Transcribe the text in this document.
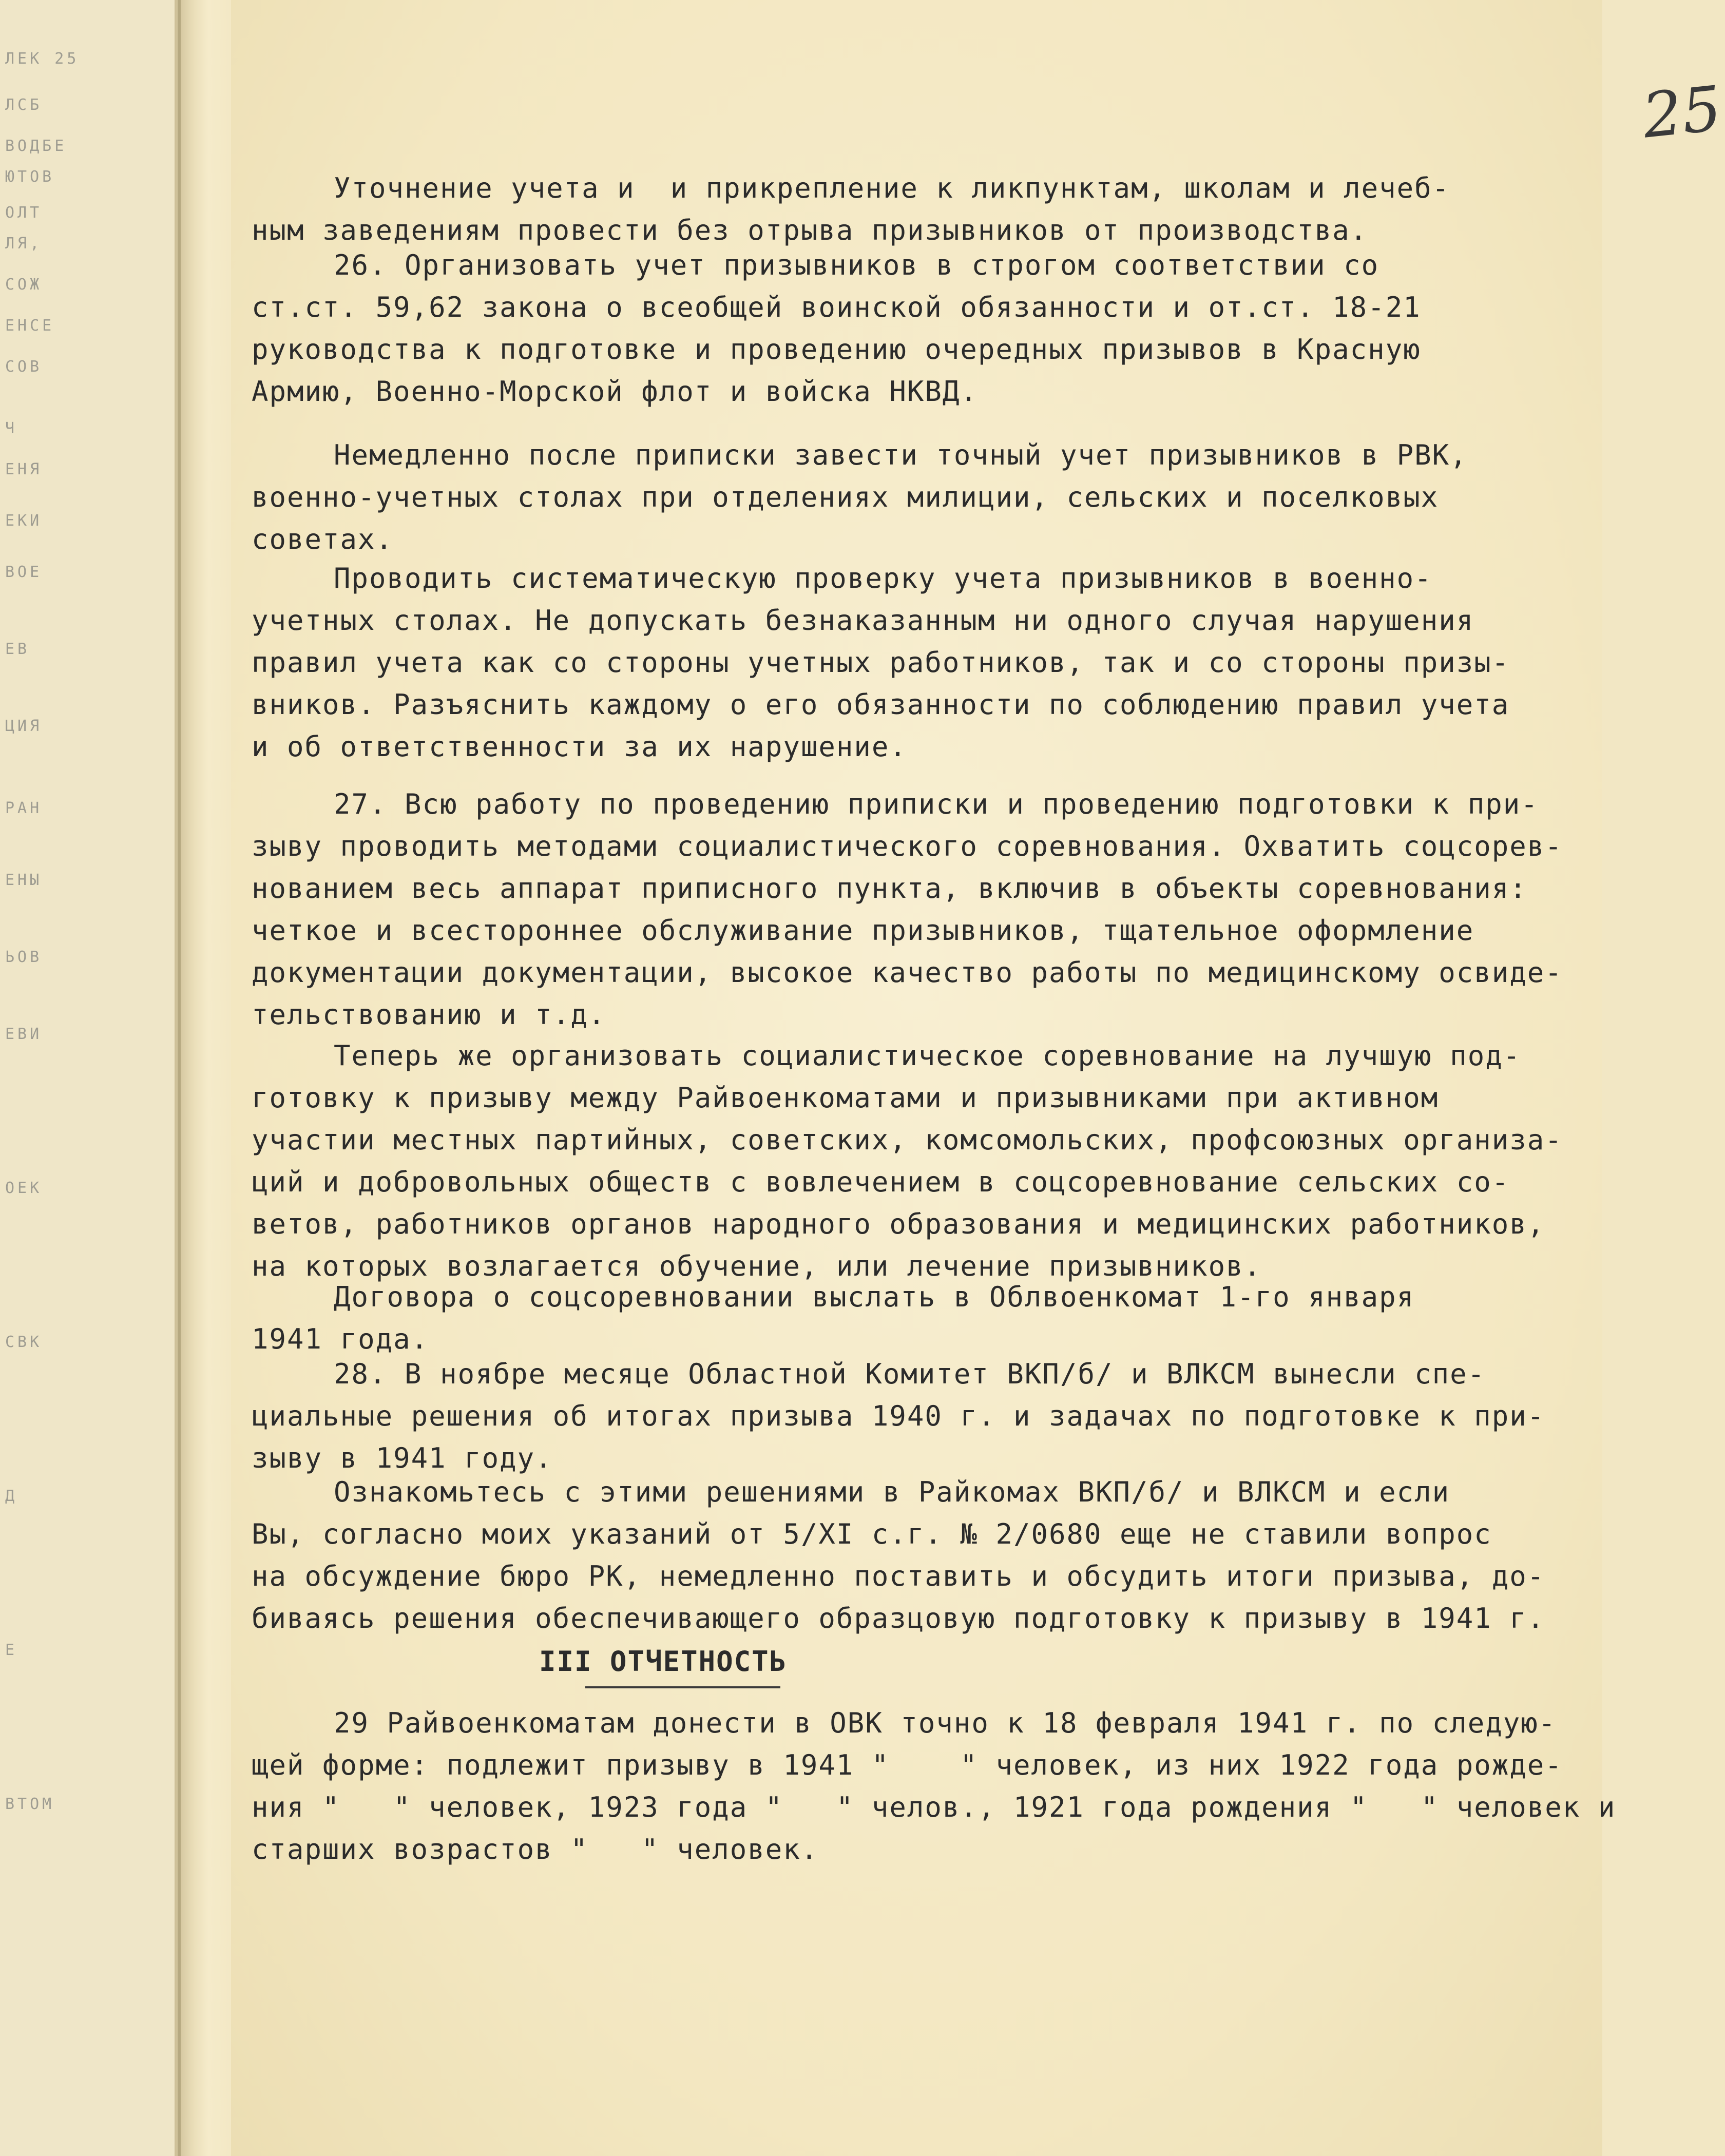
ЛЕК 25
ЛСБ
ВОДБЕ
ЮТОВ
ОЛТ
ЛЯ,
СОЖ
ЕНСЕ
СОВ
Ч
ЕНЯ
ЕКИ
ВОЕ
ЕВ
ЦИЯ
РАН
ЕНЫ
ЬОВ
ЕВИ
ОЕК
СВК
Д
Е
ВТОМ
25
Уточнение учета и  и прикрепление к ликпунктам, школам и лечеб-
ным заведениям провести без отрыва призывников от производства.
26. Организовать учет призывников в строгом соответствии со
ст.ст. 59,62 закона о всеобщей воинской обязанности и от.ст. 18-21
руководства к подготовке и проведению очередных призывов в Красную
Армию, Военно-Морской флот и войска НКВД.
Немедленно после приписки завести точный учет призывников в РВК,
военно-учетных столах при отделениях милиции, сельских и поселковых
советах.
Проводить систематическую проверку учета призывников в военно-
учетных столах. Не допускать безнаказанным ни одного случая нарушения
правил учета как со стороны учетных работников, так и со стороны призы-
вников. Разъяснить каждому о его обязанности по соблюдению правил учета
и об ответственности за их нарушение.
27. Всю работу по проведению приписки и проведению подготовки к при-
зыву проводить методами социалистического соревнования. Охватить соцсорев-
нованием весь аппарат приписного пункта, включив в объекты соревнования:
четкое и всестороннее обслуживание призывников, тщательное оформление
документации документации, высокое качество работы по медицинскому освиде-
тельствованию и т.д.
Теперь же организовать социалистическое соревнование на лучшую под-
готовку к призыву между Райвоенкоматами и призывниками при активном
участии местных партийных, советских, комсомольских, профсоюзных организа-
ций и добровольных обществ с вовлечением в соцсоревнование сельских со-
ветов, работников органов народного образования и медицинских работников,
на которых возлагается обучение, или лечение призывников.
Договора о соцсоревновании выслать в Облвоенкомат 1-го января
1941 года.
28. В ноябре месяце Областной Комитет ВКП/б/ и ВЛКСМ вынесли спе-
циальные решения об итогах призыва 1940 г. и задачах по подготовке к при-
зыву в 1941 году.
Ознакомьтесь с этими решениями в Райкомах ВКП/б/ и ВЛКСМ и если
Вы, согласно моих указаний от 5/XI с.г. № 2/0680 еще не ставили вопрос
на обсуждение бюро РК, немедленно поставить и обсудить итоги призыва, до-
биваясь решения обеспечивающего образцовую подготовку к призыву в 1941 г.
III ОТЧЕТНОСТЬ
29 Райвоенкоматам донести в ОВК точно к 18 февраля 1941 г. по следую-
щей форме: подлежит призыву в 1941 "    " человек, из них 1922 года рожде-
ния "   " человек, 1923 года "   " челов., 1921 года рождения "   " человек и
старших возрастов "   " человек.
